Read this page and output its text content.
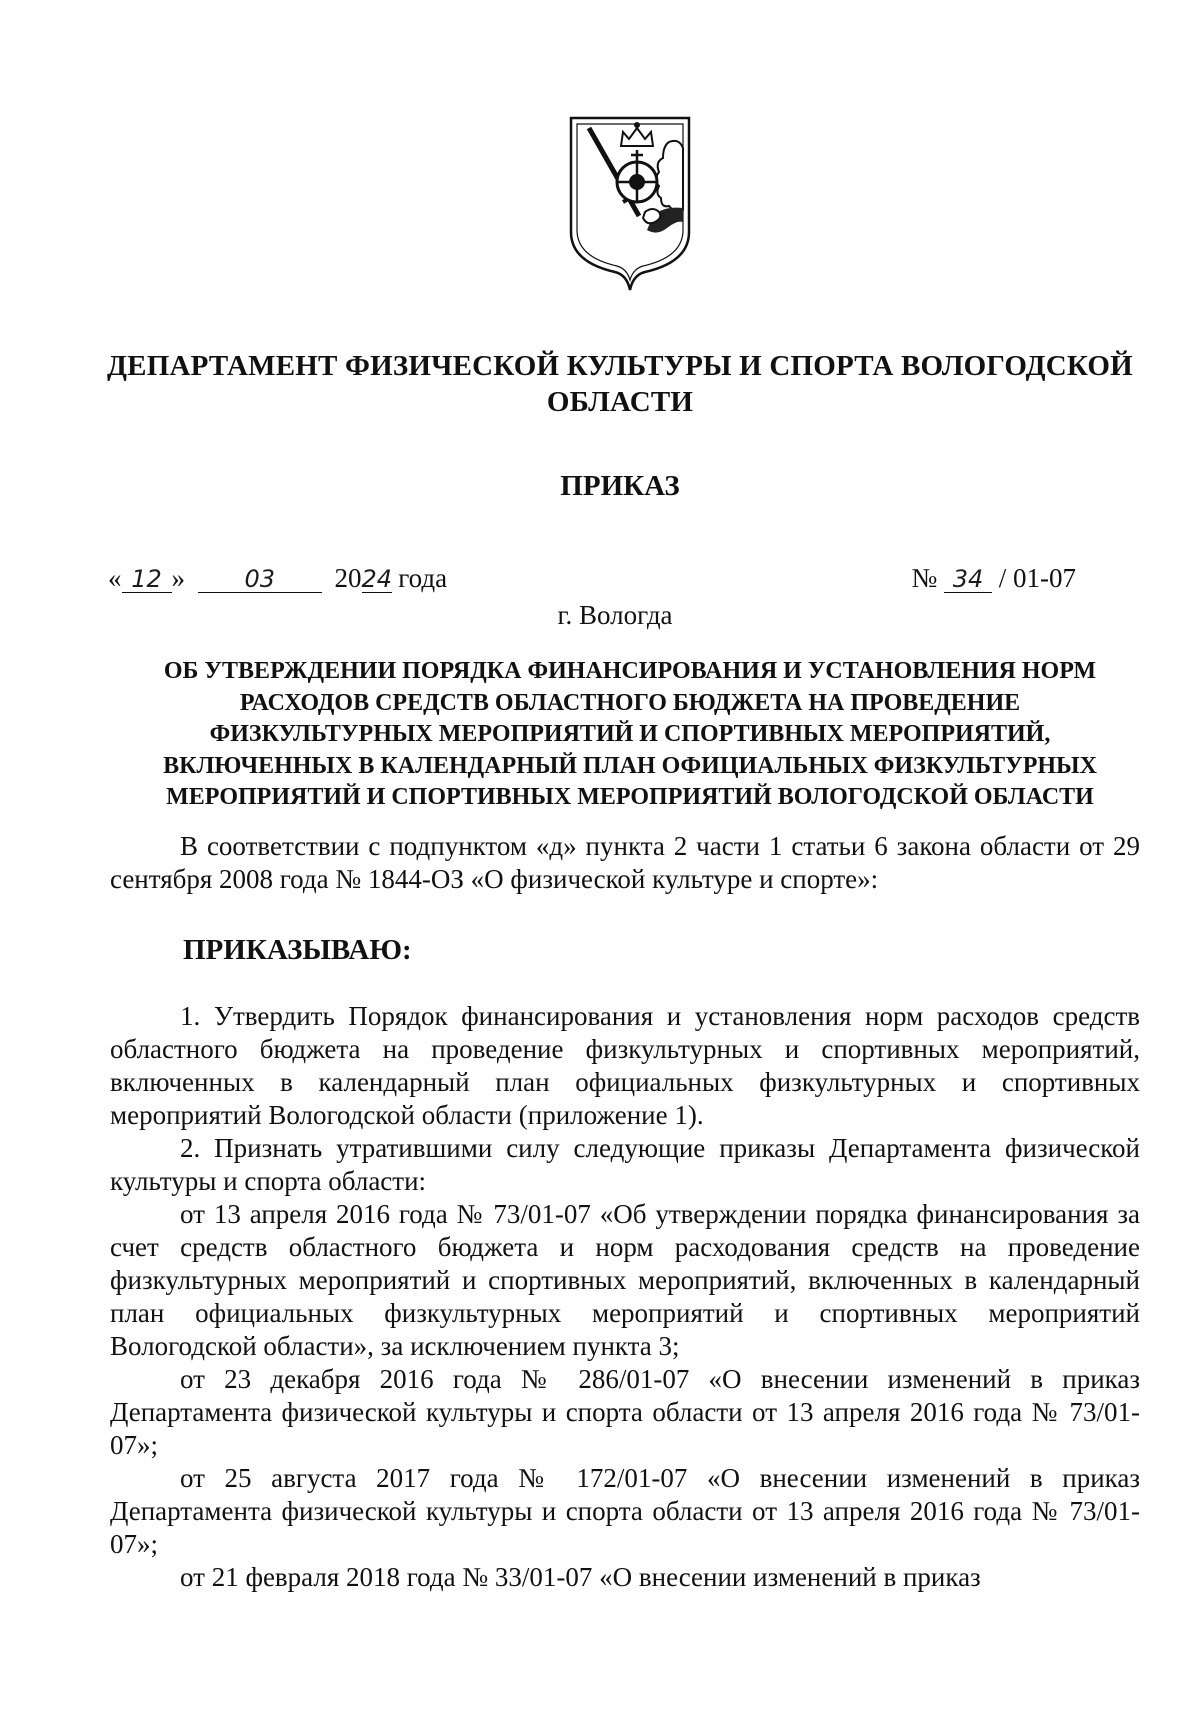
ДЕПАРТАМЕНТ ФИЗИЧЕСКОЙ КУЛЬТУРЫ И СПОРТА ВОЛОГОДСКОЙ ОБЛАСТИ
ПРИКАЗ
« 12 » 03 2024 года	№ 34 / 01-07
г. Вологда
ОБ УТВЕРЖДЕНИИ ПОРЯДКА ФИНАНСИРОВАНИЯ И УСТАНОВЛЕНИЯ НОРМ РАСХОДОВ СРЕДСТВ ОБЛАСТНОГО БЮДЖЕТА НА ПРОВЕДЕНИЕ ФИЗКУЛЬТУРНЫХ МЕРОПРИЯТИЙ И СПОРТИВНЫХ МЕРОПРИЯТИЙ, ВКЛЮЧЕННЫХ В КАЛЕНДАРНЫЙ ПЛАН ОФИЦИАЛЬНЫХ ФИЗКУЛЬТУРНЫХ МЕРОПРИЯТИЙ И СПОРТИВНЫХ МЕРОПРИЯТИЙ ВОЛОГОДСКОЙ ОБЛАСТИ

В соответствии с подпунктом «д» пункта 2 части 1 статьи 6 закона области от 29 сентября 2008 года № 1844-ОЗ «О физической культуре и спорте»:

ПРИКАЗЫВАЮ:

1. Утвердить Порядок финансирования и установления норм расходов средств областного бюджета на проведение физкультурных и спортивных мероприятий, включенных в календарный план официальных физкультурных и спортивных мероприятий Вологодской области (приложение 1).

2. Признать утратившими силу следующие приказы Департамента физической культуры и спорта области:

от 13 апреля 2016 года № 73/01-07 «Об утверждении порядка финансирования за счет средств областного бюджета и норм расходования средств на проведение физкультурных мероприятий и спортивных мероприятий, включенных в календарный план официальных физкультурных мероприятий и спортивных мероприятий Вологодской области», за исключением пункта 3;

от 23 декабря 2016 года № 286/01-07 «О внесении изменений в приказ Департамента физической культуры и спорта области от 13 апреля 2016 года № 73/01-07»;

от 25 августа 2017 года № 172/01-07 «О внесении изменений в приказ Департамента физической культуры и спорта области от 13 апреля 2016 года № 73/01-07»;

от 21 февраля 2018 года № 33/01-07 «О внесении изменений в приказ
